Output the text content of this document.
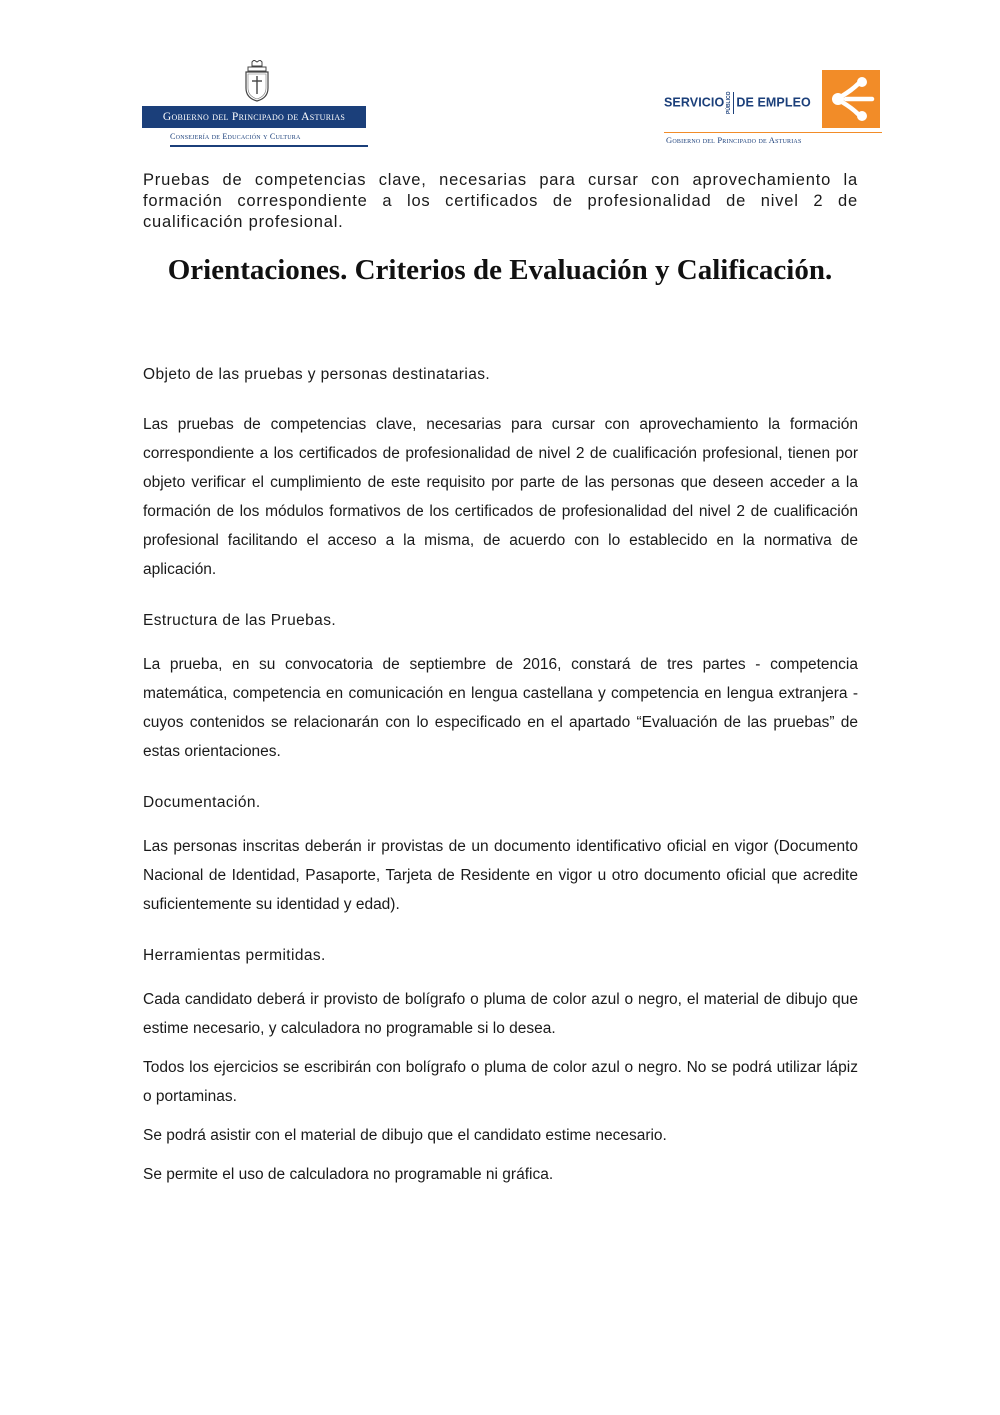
Gobierno del Principado de Asturias
Consejería de Educación y Cultura
SERVICIO PÚBLICO DE EMPLEO
Gobierno del Principado de Asturias
Pruebas de competencias clave, necesarias para cursar con aprovechamiento la formación correspondiente a los certificados de profesionalidad de nivel 2 de cualificación profesional.
Orientaciones. Criterios de Evaluación y Calificación.
Objeto de las pruebas y personas destinatarias.
Las pruebas de competencias clave, necesarias para cursar con aprovechamiento la formación correspondiente a los certificados de profesionalidad de nivel 2 de cualificación profesional, tienen por objeto verificar el cumplimiento de este requisito por parte de las personas que deseen acceder a la formación de los módulos formativos de los certificados de profesionalidad del nivel 2 de cualificación profesional facilitando el acceso a la misma, de acuerdo con lo establecido en la normativa de aplicación.
Estructura de las Pruebas.
La prueba, en su convocatoria de septiembre de 2016, constará de tres partes - competencia matemática, competencia en comunicación en lengua castellana y competencia en lengua extranjera - cuyos contenidos se relacionarán con lo especificado en el apartado “Evaluación de las pruebas” de estas orientaciones.
Documentación.
Las personas inscritas deberán ir provistas de un documento identificativo oficial en vigor (Documento Nacional de Identidad, Pasaporte, Tarjeta de Residente en vigor u otro documento oficial que acredite suficientemente su identidad y edad).
Herramientas permitidas.
Cada candidato deberá ir provisto de bolígrafo o pluma de color azul o negro, el material de dibujo que estime necesario, y calculadora no programable si lo desea.
Todos los ejercicios se escribirán con bolígrafo o pluma de color azul o negro. No se podrá utilizar lápiz o portaminas.
Se podrá asistir con el material de dibujo que el candidato estime necesario.
Se permite el uso de calculadora no programable ni gráfica.
